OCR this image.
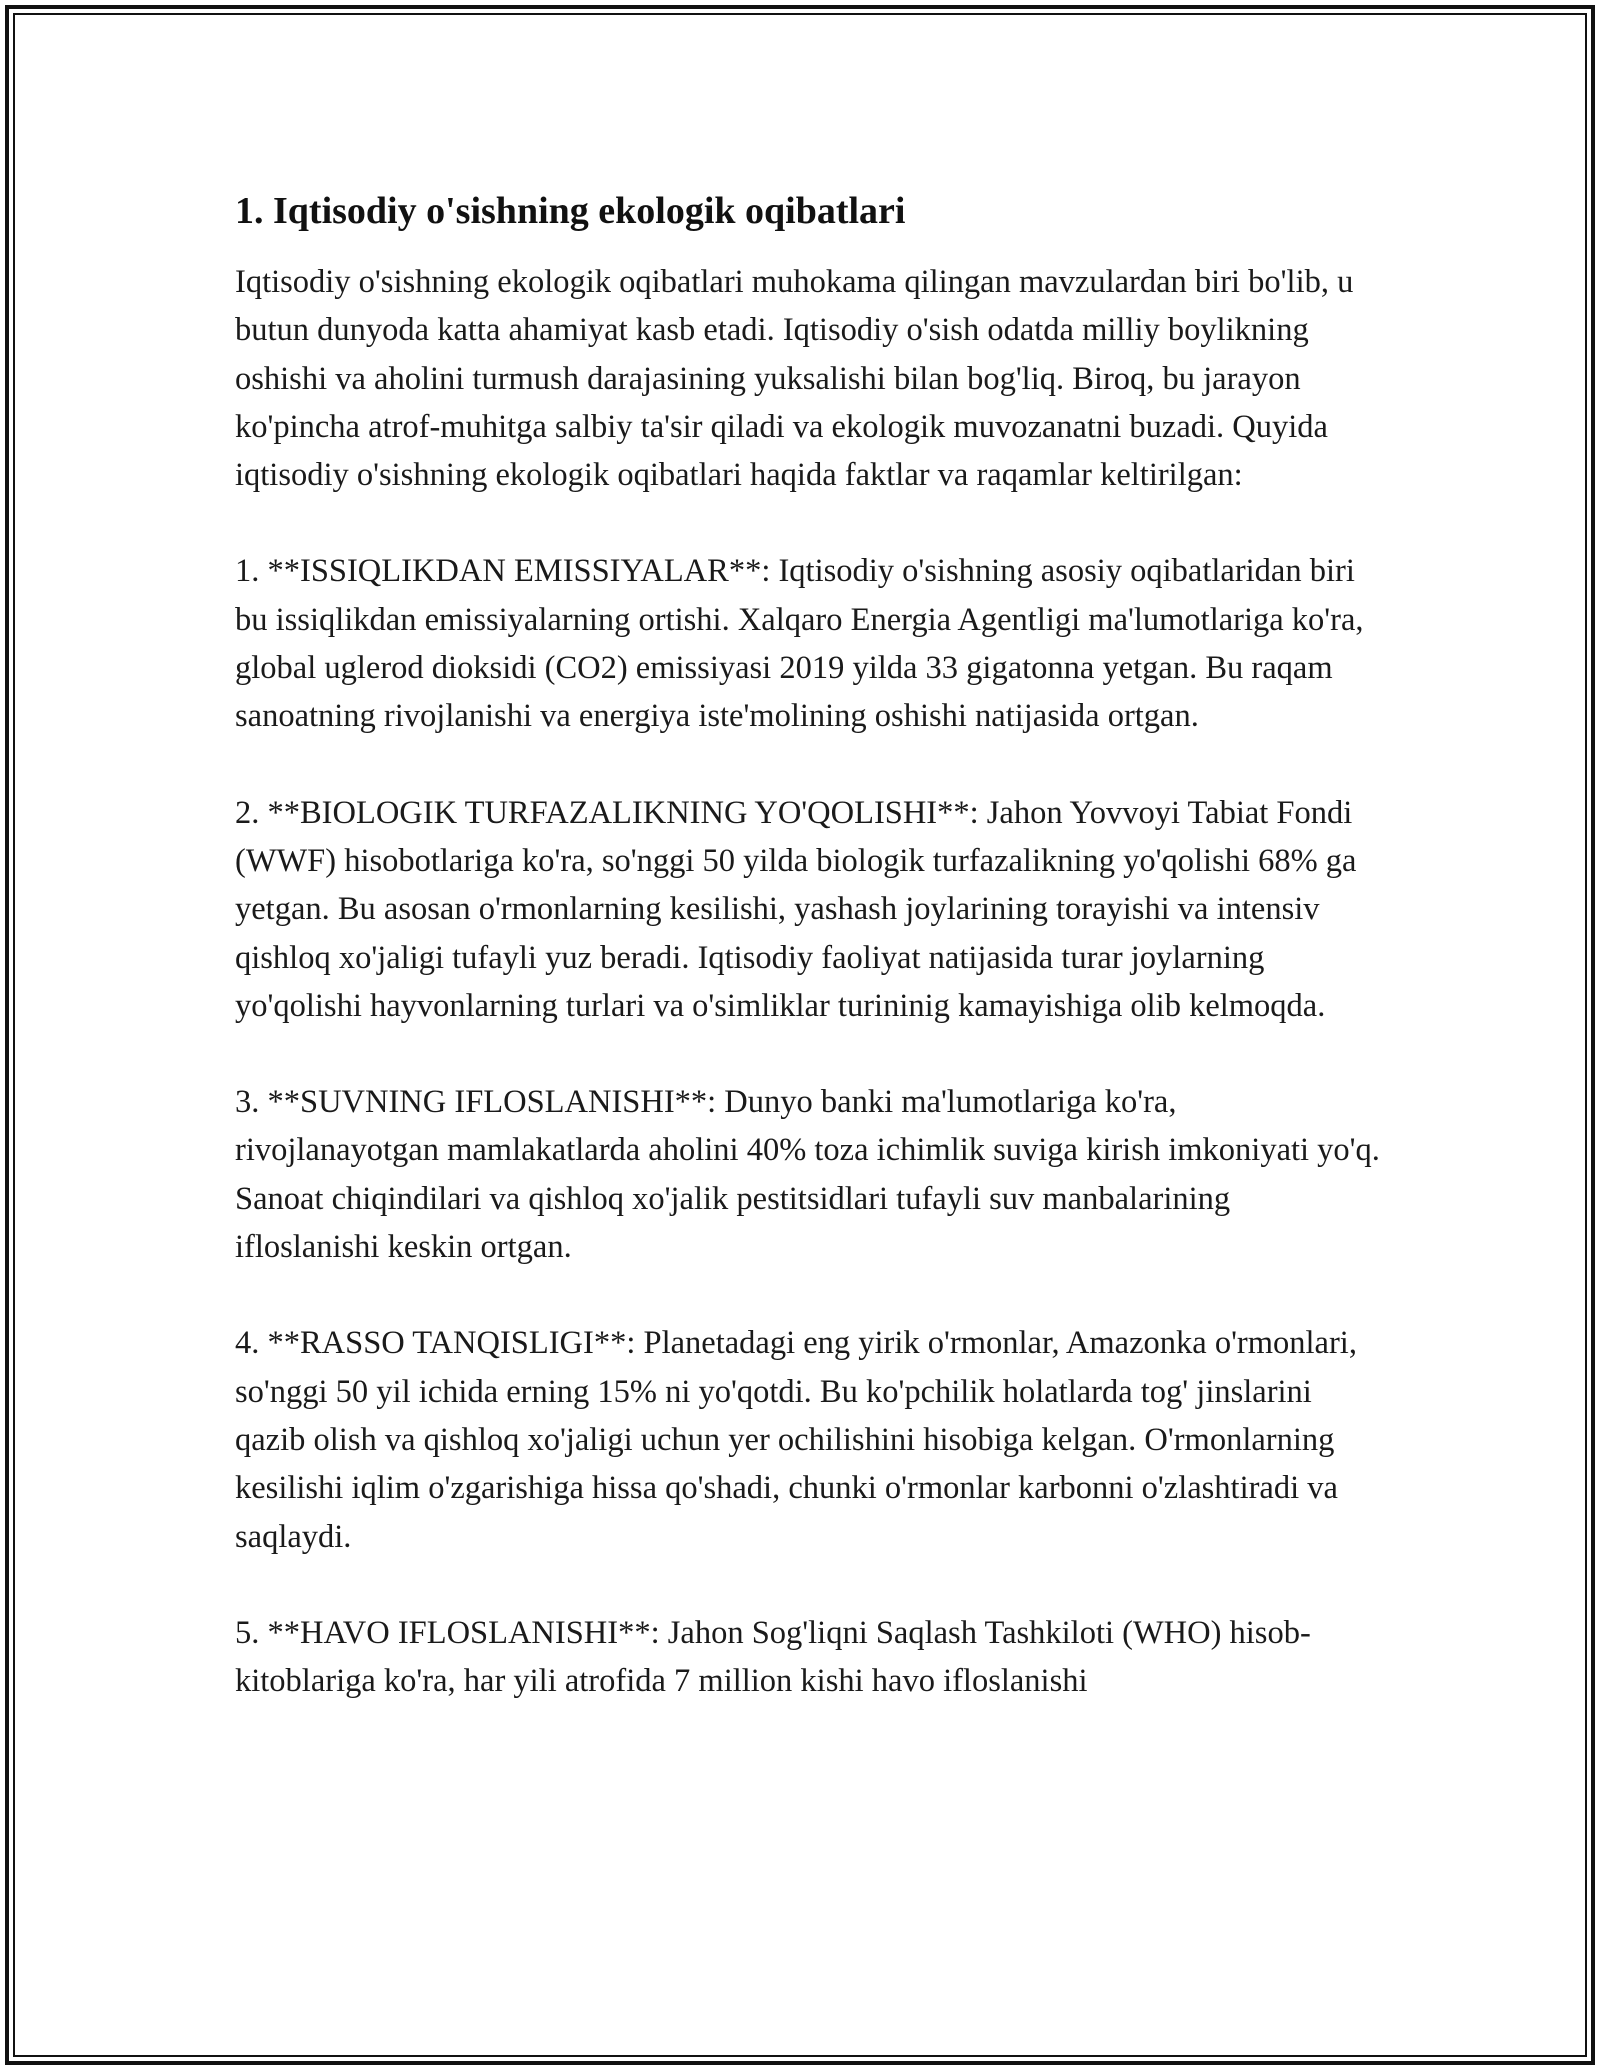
1. Iqtisodiy o'sishning ekologik oqibatlari

Iqtisodiy o'sishning ekologik oqibatlari muhokama qilingan mavzulardan biri bo'lib, u butun dunyoda katta ahamiyat kasb etadi. Iqtisodiy o'sish odatda milliy boylikning oshishi va aholini turmush darajasining yuksalishi bilan bog'liq. Biroq, bu jarayon ko'pincha atrof-muhitga salbiy ta'sir qiladi va ekologik muvozanatni buzadi. Quyida iqtisodiy o'sishning ekologik oqibatlari haqida faktlar va raqamlar keltirilgan:

1. **ISSIQLIKDAN EMISSIYALAR**: Iqtisodiy o'sishning asosiy oqibatlaridan biri bu issiqlikdan emissiyalarning ortishi. Xalqaro Energia Agentligi ma'lumotlariga ko'ra, global uglerod dioksidi (CO2) emissiyasi 2019 yilda 33 gigatonna yetgan. Bu raqam sanoatning rivojlanishi va energiya iste'molining oshishi natijasida ortgan.

2. **BIOLOGIK TURFAZALIKNING YO'QOLISHI**: Jahon Yovvoyi Tabiat Fondi (WWF) hisobotlariga ko'ra, so'nggi 50 yilda biologik turfazalikning yo'qolishi 68% ga yetgan. Bu asosan o'rmonlarning kesilishi, yashash joylarining torayishi va intensiv qishloq xo'jaligi tufayli yuz beradi. Iqtisodiy faoliyat natijasida turar joylarning yo'qolishi hayvonlarning turlari va o'simliklar turininig kamayishiga olib kelmoqda.

3. **SUVNING IFLOSLANISHI**: Dunyo banki ma'lumotlariga ko'ra, rivojlanayotgan mamlakatlarda aholini 40% toza ichimlik suviga kirish imkoniyati yo'q. Sanoat chiqindilari va qishloq xo'jalik pestitsidlari tufayli suv manbalarining ifloslanishi keskin ortgan.

4. **RASSO TANQISLIGI**: Planetadagi eng yirik o'rmonlar, Amazonka o'rmonlari, so'nggi 50 yil ichida erning 15% ni yo'qotdi. Bu ko'pchilik holatlarda tog' jinslarini qazib olish va qishloq xo'jaligi uchun yer ochilishini hisobiga kelgan. O'rmonlarning kesilishi iqlim o'zgarishiga hissa qo'shadi, chunki o'rmonlar karbonni o'zlashtiradi va saqlaydi.

5. **HAVO IFLOSLANISHI**: Jahon Sog'liqni Saqlash Tashkiloti (WHO) hisob-kitoblariga ko'ra, har yili atrofida 7 million kishi havo ifloslanishi
